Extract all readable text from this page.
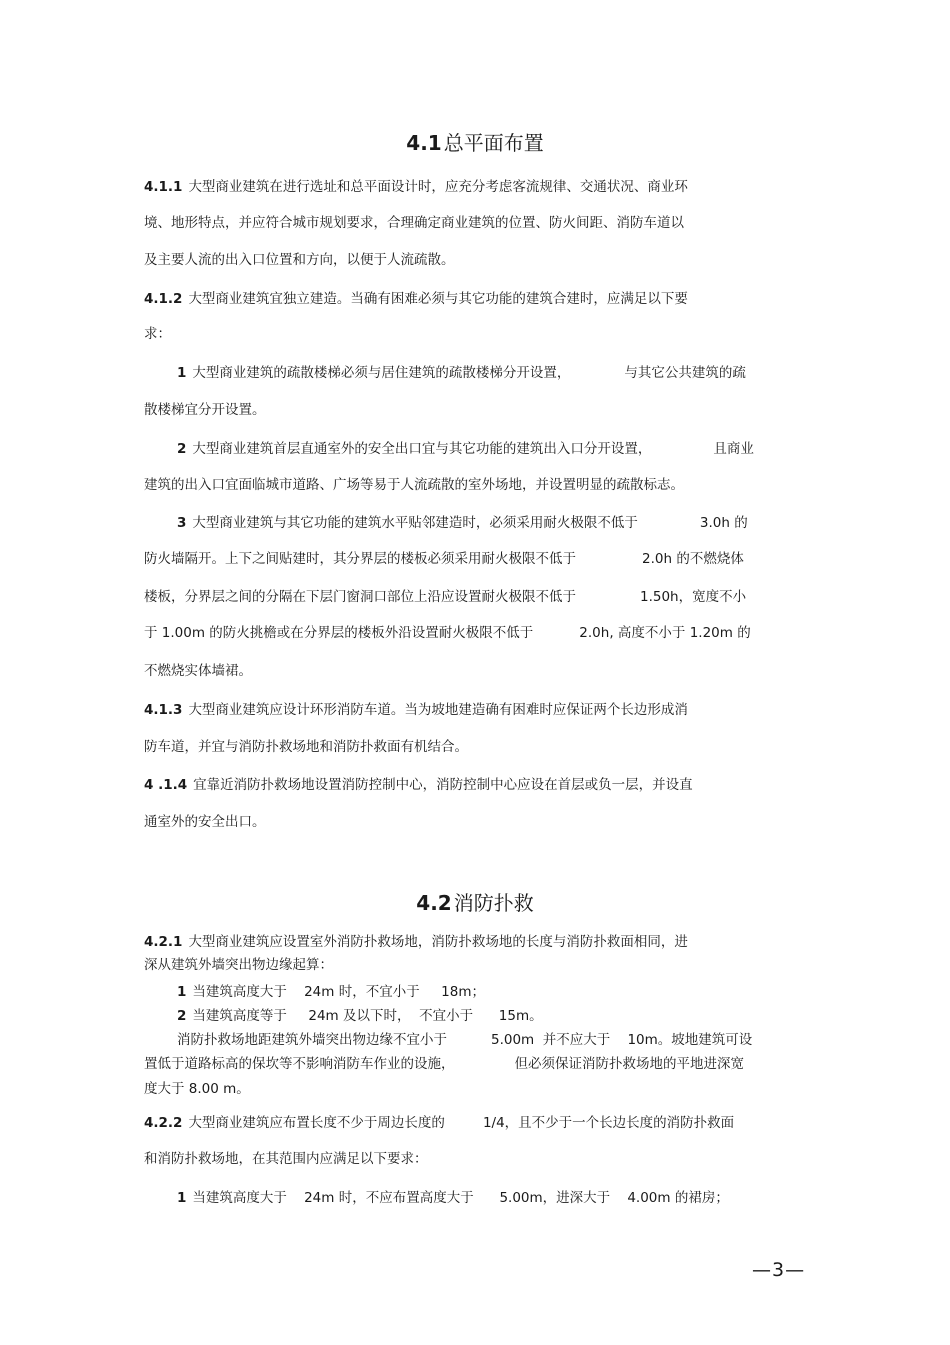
4.1 总平面布置
4.1.1 大型商业建筑在进行选址和总平面设计时，应充分考虑客流规律、交通状况、商业环
境、地形特点，并应符合城市规划要求，合理确定商业建筑的位置、防火间距、消防车道以
及主要人流的出入口位置和方向，以便于人流疏散。
4.1.2 大型商业建筑宜独立建造。当确有困难必须与其它功能的建筑合建时，应满足以下要
求：
1 大型商业建筑的疏散楼梯必须与居住建筑的疏散楼梯分开设置，	与其它公共建筑的疏
散楼梯宜分开设置。
2 大型商业建筑首层直通室外的安全出口宜与其它功能的建筑出入口分开设置，	且商业
建筑的出入口宜面临城市道路、广场等易于人流疏散的室外场地，并设置明显的疏散标志。
3 大型商业建筑与其它功能的建筑水平贴邻建造时，必须采用耐火极限不低于	3.0h 的
防火墙隔开。上下之间贴建时，其分界层的楼板必须采用耐火极限不低于	2.0h 的不燃烧体
楼板，分界层之间的分隔在下层门窗洞口部位上沿应设置耐火极限不低于	1.50h，宽度不小
于 1.00m 的防火挑檐或在分界层的楼板外沿设置耐火极限不低于	2.0h, 高度不小于 1.20m 的
不燃烧实体墙裙。
4.1.3 大型商业建筑应设计环形消防车道。当为坡地建造确有困难时应保证两个长边形成消
防车道，并宜与消防扑救场地和消防扑救面有机结合。
4 .1.4 宜靠近消防扑救场地设置消防控制中心，消防控制中心应设在首层或负一层，并设直
通室外的安全出口。
4.2 消防扑救
4.2.1 大型商业建筑应设置室外消防扑救场地，消防扑救场地的长度与消防扑救面相同，进
深从建筑外墙突出物边缘起算：
1 当建筑高度大于    24m 时，不宜小于     18m；
2 当建筑高度等于     24m 及以下时，  不宜小于      15m。
消防扑救场地距建筑外墙突出物边缘不宜小于	5.00m  并不应大于    10m。坡地建筑可设
置低于道路标高的保坎等不影响消防车作业的设施，	但必须保证消防扑救场地的平地进深宽
度大于 8.00 m。
4.2.2 大型商业建筑应布置长度不少于周边长度的	1/4，且不少于一个长边长度的消防扑救面
和消防扑救场地，在其范围内应满足以下要求：
1 当建筑高度大于    24m 时，不应布置高度大于      5.00m，进深大于    4.00m 的裙房；
—3—
